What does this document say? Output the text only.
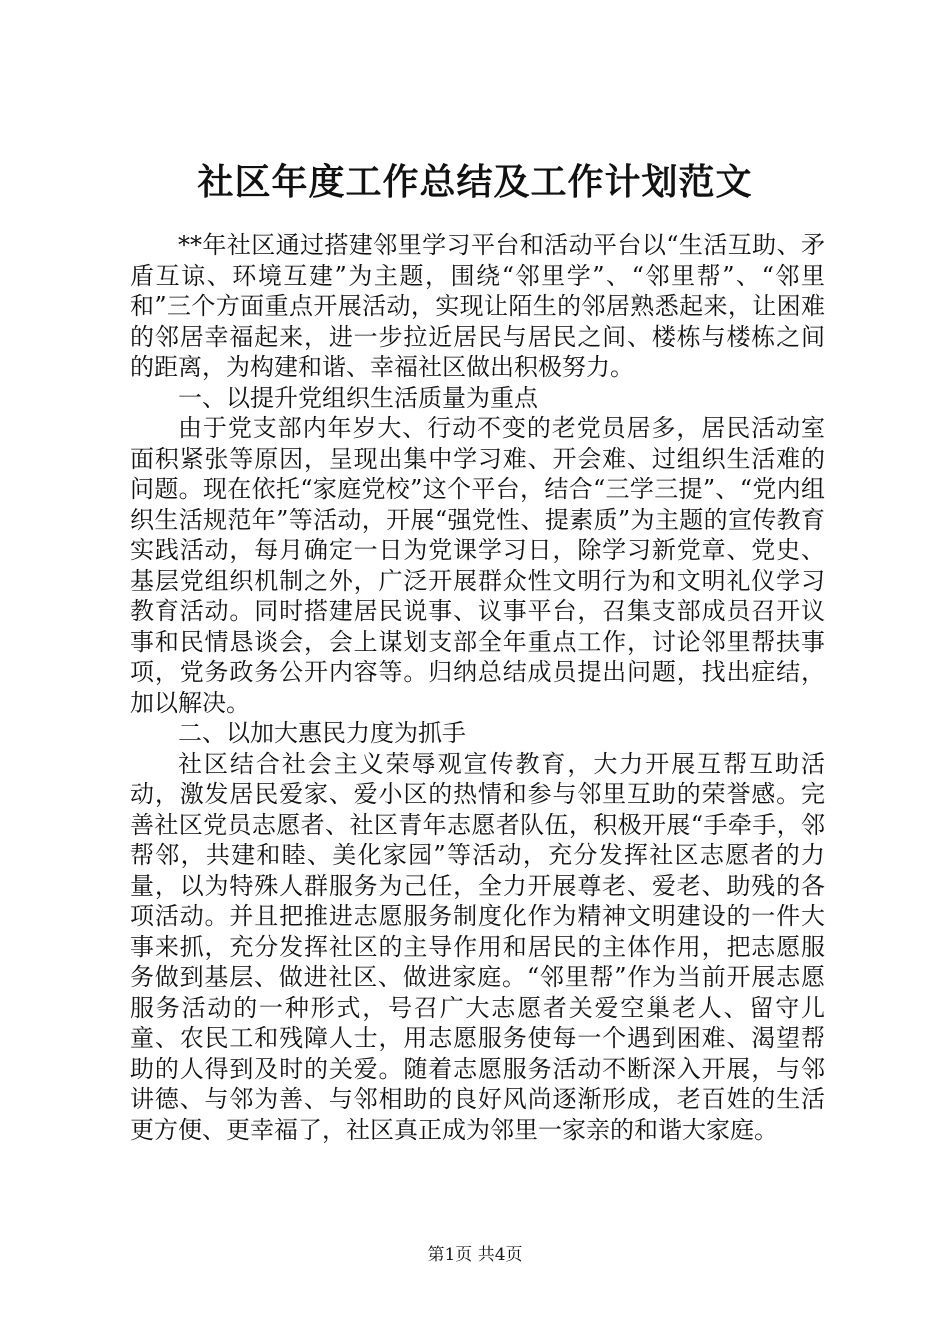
社区年度工作总结及工作计划范文

**年社区通过搭建邻里学习平台和活动平台以“生活互助、矛盾互谅、环境互建”为主题，围绕“邻里学”、“邻里帮”、“邻里和”三个方面重点开展活动，实现让陌生的邻居熟悉起来，让困难的邻居幸福起来，进一步拉近居民与居民之间、楼栋与楼栋之间的距离，为构建和谐、幸福社区做出积极努力。

一、以提升党组织生活质量为重点

由于党支部内年岁大、行动不变的老党员居多，居民活动室面积紧张等原因，呈现出集中学习难、开会难、过组织生活难的问题。现在依托“家庭党校”这个平台，结合“三学三提”、“党内组织生活规范年”等活动，开展“强党性、提素质”为主题的宣传教育实践活动，每月确定一日为党课学习日，除学习新党章、党史、基层党组织机制之外，广泛开展群众性文明行为和文明礼仪学习教育活动。同时搭建居民说事、议事平台，召集支部成员召开议事和民情恳谈会，会上谋划支部全年重点工作，讨论邻里帮扶事项，党务政务公开内容等。归纳总结成员提出问题，找出症结，加以解决。

二、以加大惠民力度为抓手

社区结合社会主义荣辱观宣传教育，大力开展互帮互助活动，激发居民爱家、爱小区的热情和参与邻里互助的荣誉感。完善社区党员志愿者、社区青年志愿者队伍，积极开展“手牵手，邻帮邻，共建和睦、美化家园”等活动，充分发挥社区志愿者的力量，以为特殊人群服务为己任，全力开展尊老、爱老、助残的各项活动。并且把推进志愿服务制度化作为精神文明建设的一件大事来抓，充分发挥社区的主导作用和居民的主体作用，把志愿服务做到基层、做进社区、做进家庭。“邻里帮”作为当前开展志愿服务活动的一种形式，号召广大志愿者关爱空巢老人、留守儿童、农民工和残障人士，用志愿服务使每一个遇到困难、渴望帮助的人得到及时的关爱。随着志愿服务活动不断深入开展，与邻讲德、与邻为善、与邻相助的良好风尚逐渐形成，老百姓的生活更方便、更幸福了，社区真正成为邻里一家亲的和谐大家庭。

第1页 共4页
